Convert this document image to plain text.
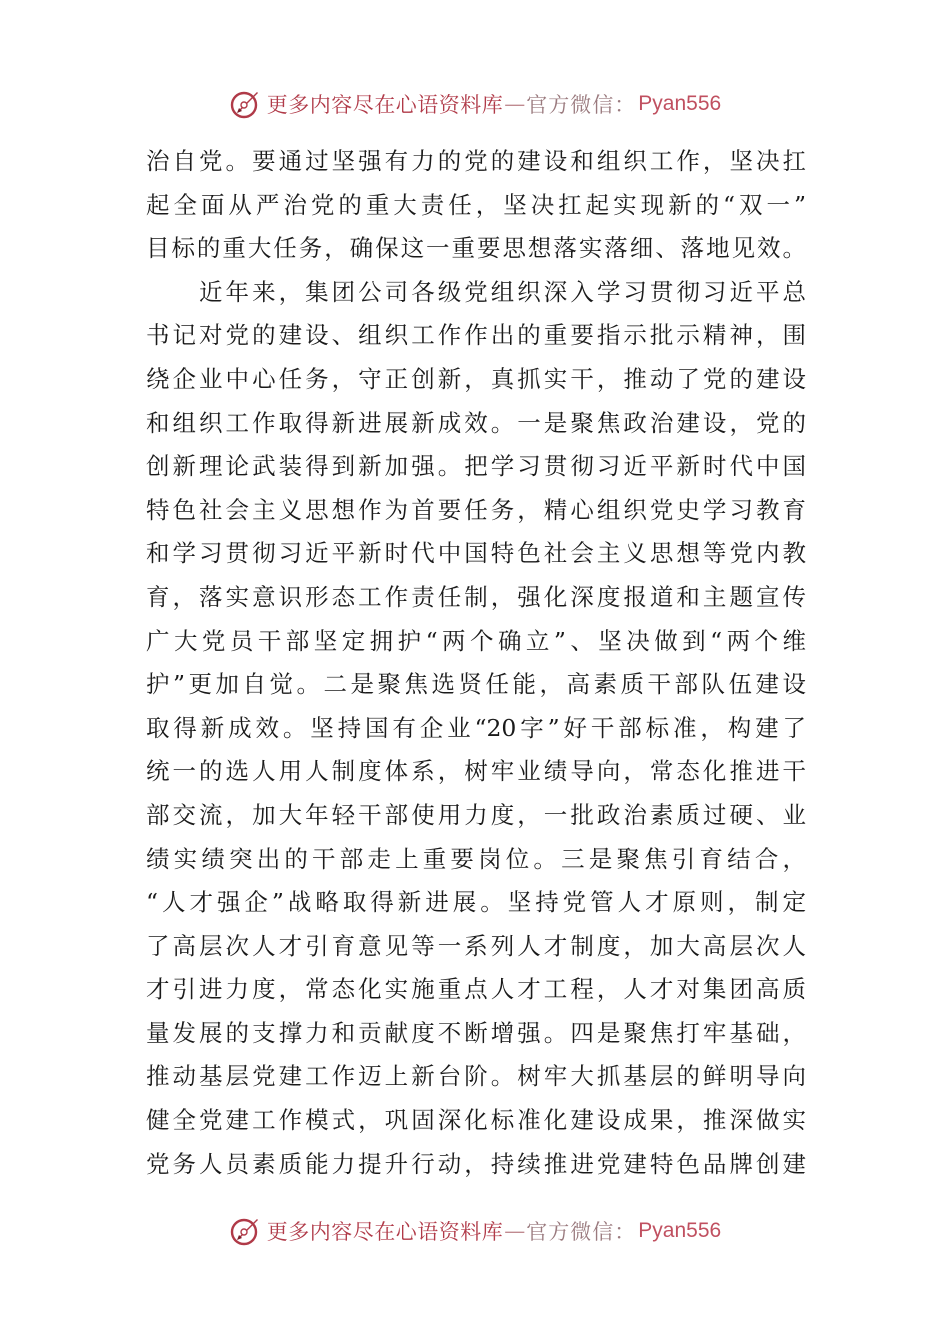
更多内容尽在心语资料库 — 官方微信： Pyan556
治自党。要通过坚强有力的党的建设和组织工作，坚决扛
起全面从严治党的重大责任，坚决扛起实现新的“双一”
目标的重大任务，确保这一重要思想落实落细、落地见效。
　　近年来，集团公司各级党组织深入学习贯彻习近平总
书记对党的建设、组织工作作出的重要指示批示精神，围
绕企业中心任务，守正创新，真抓实干，推动了党的建设
和组织工作取得新进展新成效。一是聚焦政治建设，党的
创新理论武装得到新加强。把学习贯彻习近平新时代中国
特色社会主义思想作为首要任务，精心组织党史学习教育
和学习贯彻习近平新时代中国特色社会主义思想等党内教
育，落实意识形态工作责任制，强化深度报道和主题宣传
广大党员干部坚定拥护“两个确立”、坚决做到“两个维
护”更加自觉。二是聚焦选贤任能，高素质干部队伍建设
取得新成效。坚持国有企业“20字”好干部标准，构建了
统一的选人用人制度体系，树牢业绩导向，常态化推进干
部交流，加大年轻干部使用力度，一批政治素质过硬、业
绩实绩突出的干部走上重要岗位。三是聚焦引育结合，
“人才强企”战略取得新进展。坚持党管人才原则，制定
了高层次人才引育意见等一系列人才制度，加大高层次人
才引进力度，常态化实施重点人才工程，人才对集团高质
量发展的支撑力和贡献度不断增强。四是聚焦打牢基础，
推动基层党建工作迈上新台阶。树牢大抓基层的鲜明导向
健全党建工作模式，巩固深化标准化建设成果，推深做实
党务人员素质能力提升行动，持续推进党建特色品牌创建
更多内容尽在心语资料库 — 官方微信： Pyan556
